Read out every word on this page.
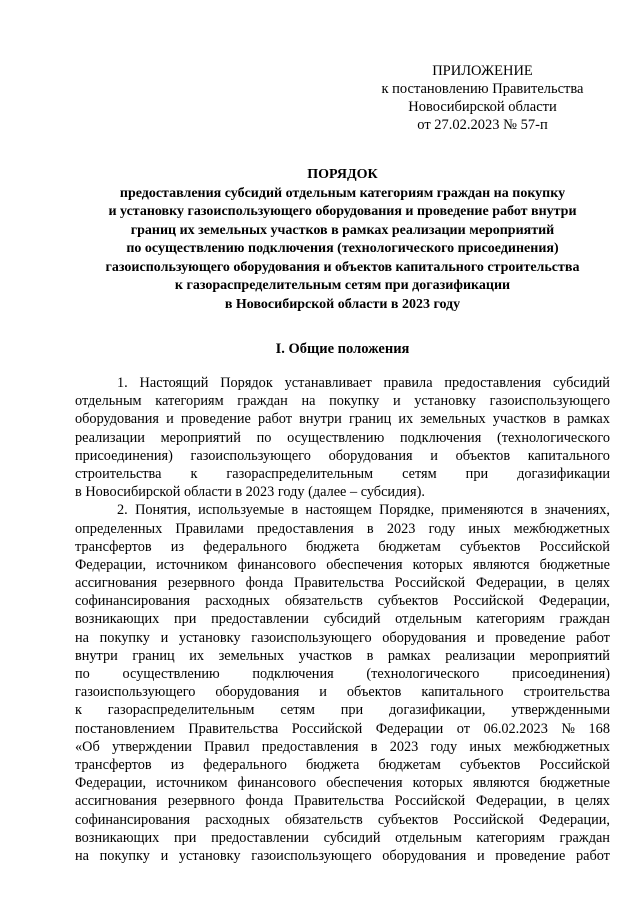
ПРИЛОЖЕНИЕ
к постановлению Правительства
Новосибирской области
от 27.02.2023 № 57-п
ПОРЯДОК
предоставления субсидий отдельным категориям граждан на покупку
и установку газоиспользующего оборудования и проведение работ внутри
границ их земельных участков в рамках реализации мероприятий
по осуществлению подключения (технологического присоединения)
газоиспользующего оборудования и объектов капитального строительства
к газораспределительным сетям при догазификации
в Новосибирской области в 2023 году
I. Общие положения
1. Настоящий Порядок устанавливает правила предоставления субсидий
отдельным категориям граждан на покупку и установку газоиспользующего
оборудования и проведение работ внутри границ их земельных участков в рамках
реализации мероприятий по осуществлению подключения (технологического
присоединения) газоиспользующего оборудования и объектов капитального
строительства к газораспределительным сетям при догазификации
в Новосибирской области в 2023 году (далее – субсидия).
2. Понятия, используемые в настоящем Порядке, применяются в значениях,
определенных Правилами предоставления в 2023 году иных межбюджетных
трансфертов из федерального бюджета бюджетам субъектов Российской
Федерации, источником финансового обеспечения которых являются бюджетные
ассигнования резервного фонда Правительства Российской Федерации, в целях
софинансирования расходных обязательств субъектов Российской Федерации,
возникающих при предоставлении субсидий отдельным категориям граждан
на покупку и установку газоиспользующего оборудования и проведение работ
внутри границ их земельных участков в рамках реализации мероприятий
по осуществлению подключения (технологического присоединения)
газоиспользующего оборудования и объектов капитального строительства
к газораспределительным сетям при догазификации, утвержденными
постановлением Правительства Российской Федерации от 06.02.2023 № 168
«Об утверждении Правил предоставления в 2023 году иных межбюджетных
трансфертов из федерального бюджета бюджетам субъектов Российской
Федерации, источником финансового обеспечения которых являются бюджетные
ассигнования резервного фонда Правительства Российской Федерации, в целях
софинансирования расходных обязательств субъектов Российской Федерации,
возникающих при предоставлении субсидий отдельным категориям граждан
на покупку и установку газоиспользующего оборудования и проведение работ
